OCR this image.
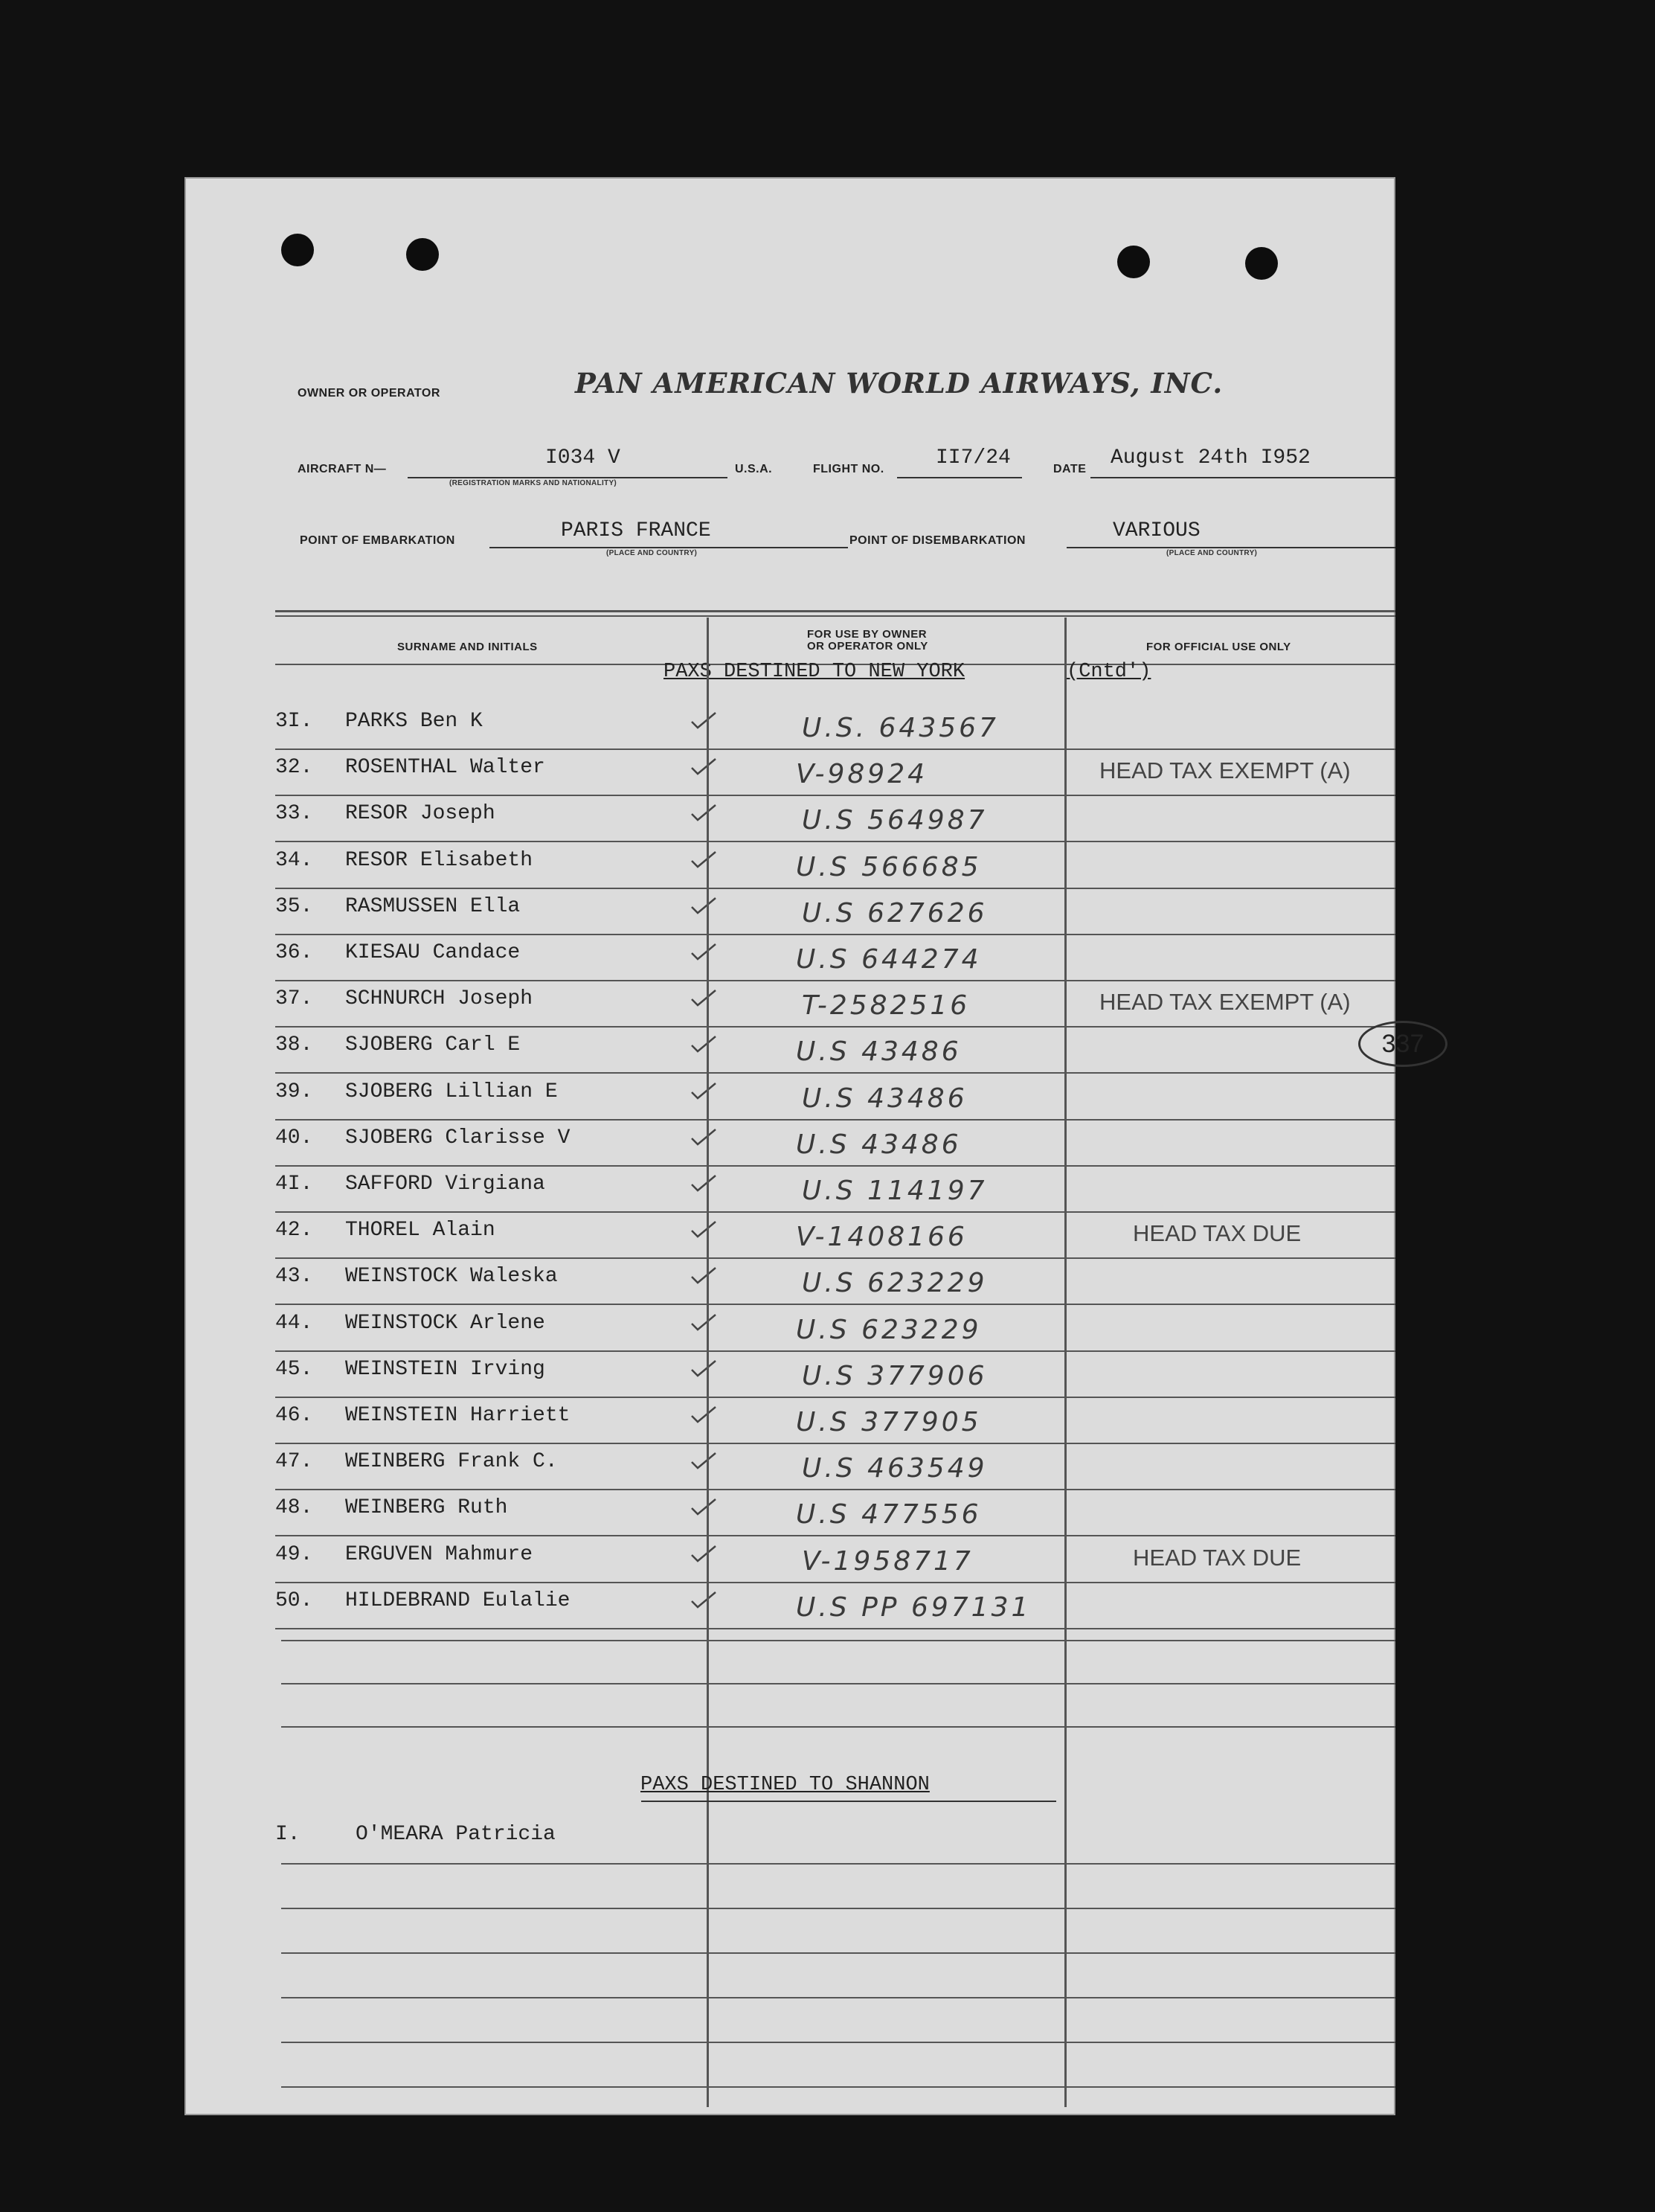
OWNER OR OPERATOR	PAN AMERICAN WORLD AIRWAYS, INC.
AIRCRAFT N—	I034 V
(REGISTRATION MARKS AND NATIONALITY)
U.S.A.	FLIGHT NO. II7/24	DATE August 24th I952
POINT OF EMBARKATION	PARIS FRANCE
(PLACE AND COUNTRY)
POINT OF DISEMBARKATION	VARIOUS
(PLACE AND COUNTRY)
SURNAME AND INITIALS
FOR USE BY OWNER
OR OPERATOR ONLY	FOR OFFICIAL USE ONLY
PAXS DESTINED TO NEW YORK	(Cntd')
3I. PARKS Ben K	U.S. 643567
32. ROSENTHAL Walter	V-98924	HEAD TAX EXEMPT (A)
33. RESOR Joseph	U.S 564987
34. RESOR Elisabeth	U.S 566685
35. RASMUSSEN Ella	U.S 627626
36. KIESAU Candace	U.S 644274
37. SCHNURCH Joseph	T-2582516	HEAD TAX EXEMPT (A)
38. SJOBERG Carl E	U.S 43486
39. SJOBERG Lillian E	U.S 43486
40. SJOBERG Clarisse V	U.S 43486
4I. SAFFORD Virgiana	U.S 114197
42. THOREL Alain	V-1408166	HEAD TAX DUE
43. WEINSTOCK Waleska	U.S 623229
44. WEINSTOCK Arlene	U.S 623229
45. WEINSTEIN Irving	U.S 377906
46. WEINSTEIN Harriett	U.S 377905
47. WEINBERG Frank C.	U.S 463549
48. WEINBERG Ruth	U.S 477556
49. ERGUVEN Mahmure	V-1958717	HEAD TAX DUE
50. HILDEBRAND Eulalie	U.S PP 697131
337
PAXS DESTINED TO SHANNON
I.	O'MEARA Patricia
